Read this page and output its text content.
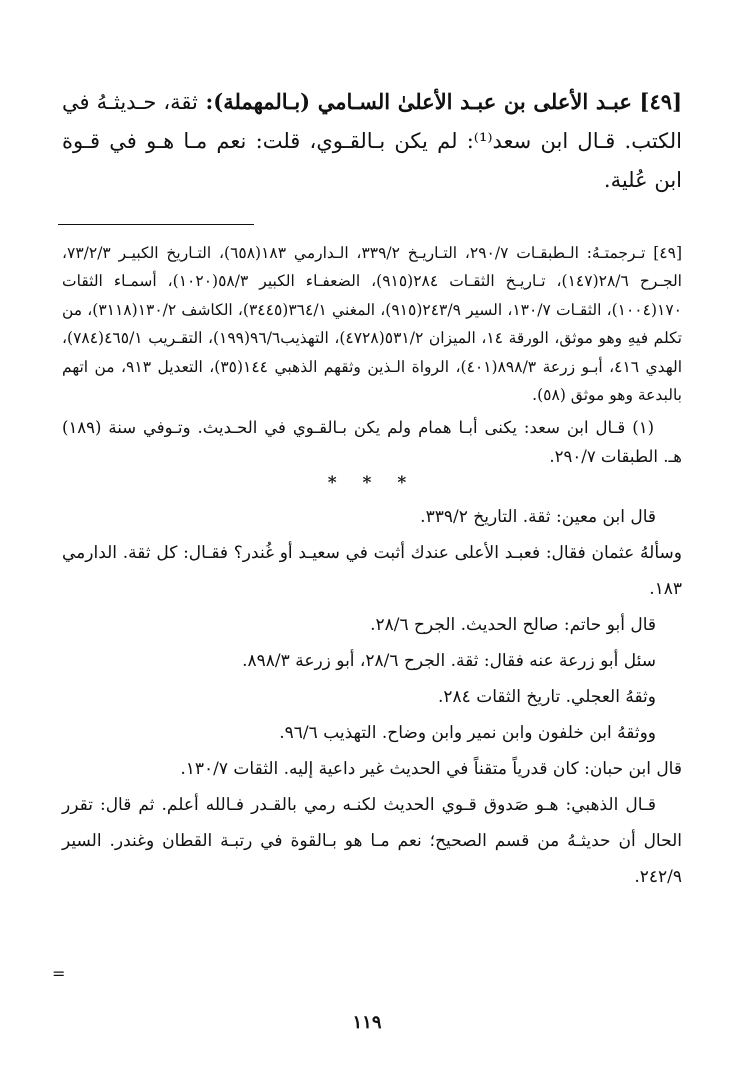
[٤٩] عبـد الأعلى بن عبـد الأعلىٰ السـامي (بـالمهملة): ثقة، حـديثـهُ في الكتب. قـال ابن سعد⁽¹⁾: لم يكن بـالقـوي، قلت: نعم مـا هـو في قـوة ابن عُلية.

[٤٩] تـرجمتـهُ: الـطبقـات ٢٩٠/٧، التـاريـخ ٣٣٩/٢، الـدارمي ١٨٣(٦٥٨)، التـاريخ الكبيـر ٧٣/٢/٣، الجـرح ٢٨/٦(١٤٧)، تـاريـخ الثقـات ٢٨٤(٩١٥)، الضعفـاء الكبير ٥٨/٣(١٠٢٠)، أسمـاء الثقات ١٧٠(١٠٠٤)، الثقـات ١٣٠/٧، السير ٢٤٣/٩(٩١٥)، المغني ٣٦٤/١(٣٤٤٥)، الكاشف ١٣٠/٢(٣١١٨)، من تكلم فيهِ وهو موثق، الورقة ١٤، الميزان ٥٣١/٢(٤٧٢٨)، التهذيب٩٦/٦(١٩٩)، التقـريب ٤٦٥/١(٧٨٤)، الهدي ٤١٦، أبـو زرعة ٨٩٨/٣(٤٠١)، الرواة الـذين وثقهم الذهبي ١٤٤(٣٥)، التعديل ٩١٣، من اتهم بالبدعة وهو موثق (٥٨).

(١) قـال ابن سعد: يكنى أبـا همام ولم يكن بـالقـوي في الحـديث. وتـوفي سنة (١٨٩) هـ. الطبقات ٢٩٠/٧.

* * *

قال ابن معين: ثقة. التاريخ ٣٣٩/٢.

وسألهُ عثمان فقال: فعبـد الأعلى عندك أثبت في سعيـد أو غُندر؟ فقـال: كل ثقة. الدارمي ١٨٣.

قال أبو حاتم: صالح الحديث. الجرح ٢٨/٦.

سئل أبو زرعة عنه فقال: ثقة. الجرح ٢٨/٦، أبو زرعة ٨٩٨/٣.

وثقهُ العجلي. تاريخ الثقات ٢٨٤.

ووثقهُ ابن خلفون وابن نمير وابن وضاح. التهذيب ٩٦/٦.

قال ابن حبان: كان قدرياً متقناً في الحديث غير داعية إليه. الثقات ١٣٠/٧.

قـال الذهبي: هـو صَدوق قـوي الحديث لكنـه رمي بالقـدر فـالله أعلم. ثم قال: تقرر الحال أن حديثـهُ من قسم الصحيح؛ نعم مـا هو بـالقوة في رتبـة القطان وغندر. السير ٢٤٢/٩.

=
١١٩
